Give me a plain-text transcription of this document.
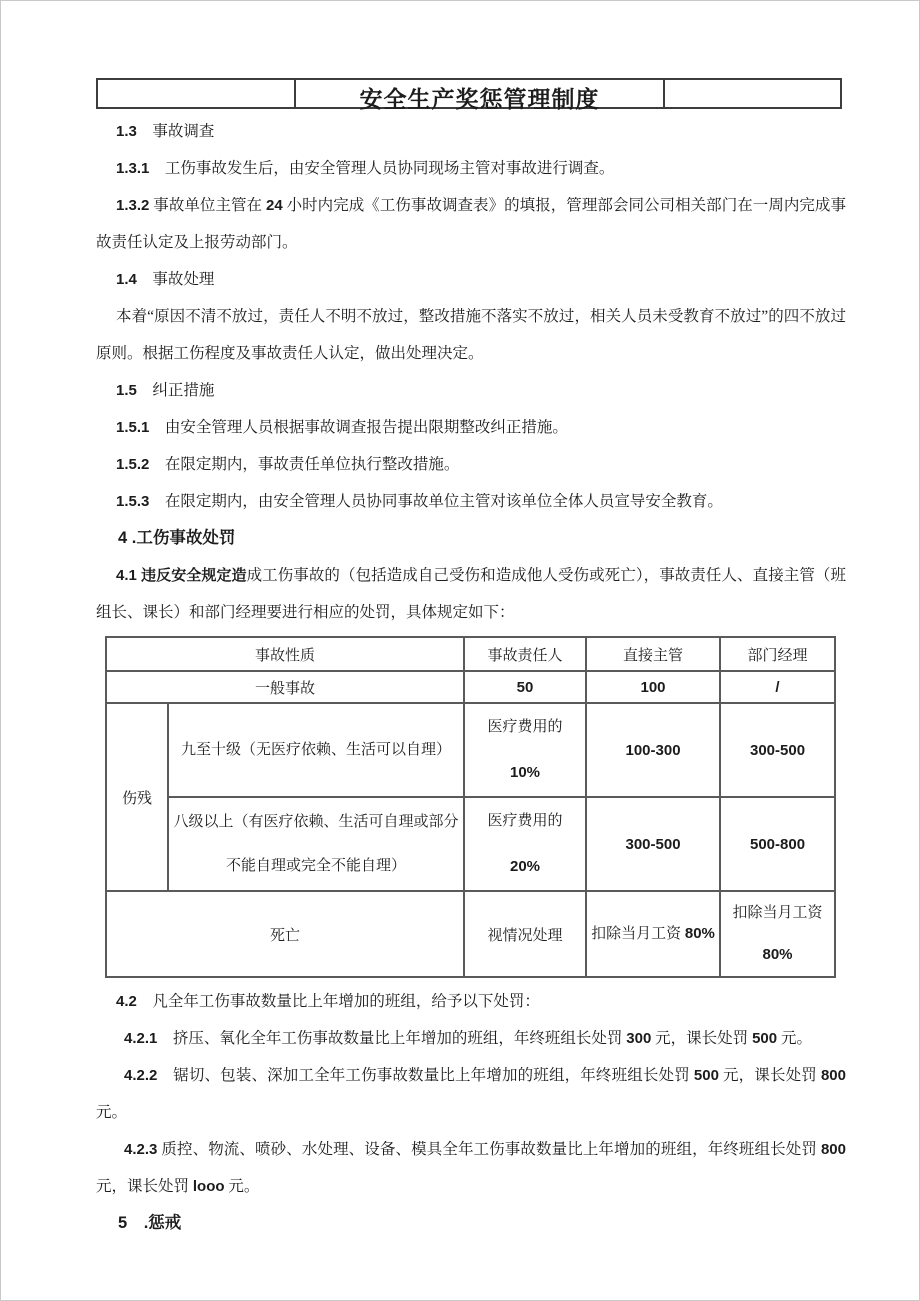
安全生产奖惩管理制度

1.3　事故调查

1.3.1　工伤事故发生后，由安全管理人员协同现场主管对事故进行调查。

1.3.2 事故单位主管在 24 小时内完成《工伤事故调查表》的填报，管理部会同公司相关部门在一周内完成事故责任认定及上报劳动部门。

1.4　事故处理

本着“原因不清不放过，责任人不明不放过，整改措施不落实不放过，相关人员未受教育不放过”的四不放过原则。根据工伤程度及事故责任人认定，做出处理决定。

1.5　纠正措施

1.5.1　由安全管理人员根据事故调查报告提出限期整改纠正措施。

1.5.2　在限定期内，事故责任单位执行整改措施。

1.5.3　在限定期内，由安全管理人员协同事故单位主管对该单位全体人员宣导安全教育。

4 .工伤事故处罚

4.1 违反安全规定造成工伤事故的（包括造成自己受伤和造成他人受伤或死亡），事故责任人、直接主管（班组长、课长）和部门经理要进行相应的处罚，具体规定如下：

事故性质		事故责任人	直接主管	部门经理
一般事故		50	100	/
伤残	九至十级（无医疗依赖、生活可以自理）	医疗费用的
10%	100-300	300-500
	八级以上（有医疗依赖、生活可自理或部分不能自理或完全不能自理）	医疗费用的
20%	300-500	500-800
死亡		视情况处理	扣除当月工资 80%	扣除当月工资 80%

4.2　凡全年工伤事故数量比上年增加的班组，给予以下处罚：

4.2.1　挤压、氧化全年工伤事故数量比上年增加的班组，年终班组长处罚 300 元，课长处罚 500 元。

4.2.2　锯切、包装、深加工全年工伤事故数量比上年增加的班组，年终班组长处罚 500 元，课长处罚 800 元。

4.2.3 质控、物流、喷砂、水处理、设备、模具全年工伤事故数量比上年增加的班组，年终班组长处罚 800 元，课长处罚 looo 元。

5　.惩戒
